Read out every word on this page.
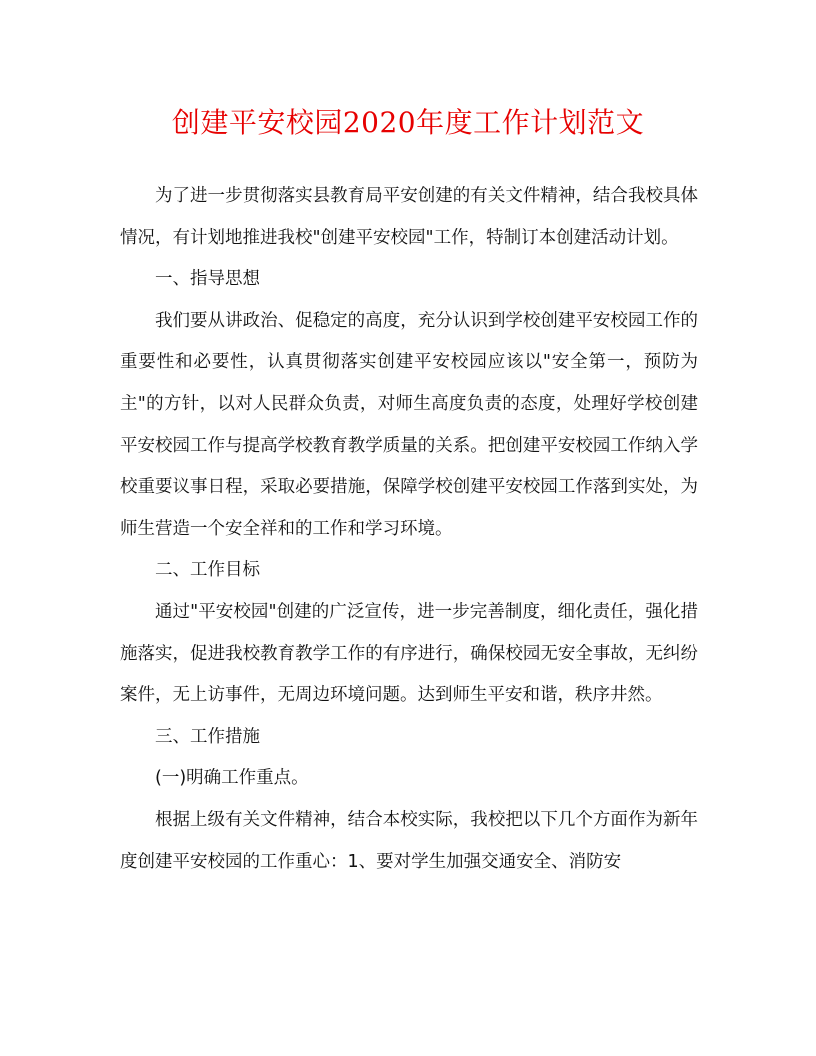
创建平安校园2020年度工作计划范文

为了进一步贯彻落实县教育局平安创建的有关文件精神，结合我校具体情况，有计划地推进我校"创建平安校园"工作，特制订本创建活动计划。

一、指导思想

我们要从讲政治、促稳定的高度，充分认识到学校创建平安校园工作的重要性和必要性，认真贯彻落实创建平安校园应该以"安全第一，预防为主"的方针，以对人民群众负责，对师生高度负责的态度，处理好学校创建平安校园工作与提高学校教育教学质量的关系。把创建平安校园工作纳入学校重要议事日程，采取必要措施，保障学校创建平安校园工作落到实处，为师生营造一个安全祥和的工作和学习环境。

二、工作目标

通过"平安校园"创建的广泛宣传，进一步完善制度，细化责任，强化措施落实，促进我校教育教学工作的有序进行，确保校园无安全事故，无纠纷案件，无上访事件，无周边环境问题。达到师生平安和谐，秩序井然。

三、工作措施

(一)明确工作重点。

根据上级有关文件精神，结合本校实际，我校把以下几个方面作为新年度创建平安校园的工作重心：1、要对学生加强交通安全、消防安
